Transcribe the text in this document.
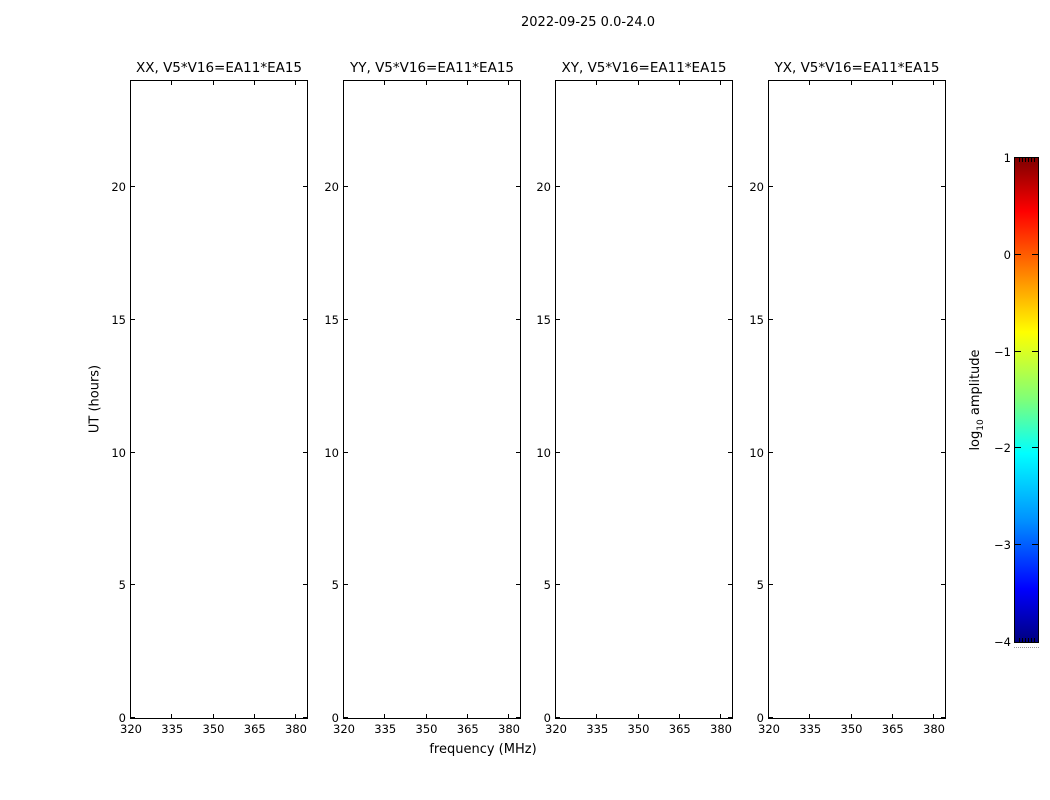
2022-09-25 0.0-24.0
XX, V5*V16=EA11*EA15	YY, V5*V16=EA11*EA15	XY, V5*V16=EA11*EA15	YX, V5*V16=EA11*EA15
320 335 350 365 380
0
5
10
15
20
320 335 350 365 380
0
5
10
15
20
320 335 350 365 380
0
5
10
15
20
320 335 350 365 380
0
5
10
15
20
UT (hours)
frequency (MHz)
1
0
−1
−2
−3
−4
$\log_{10}$ amplitude
